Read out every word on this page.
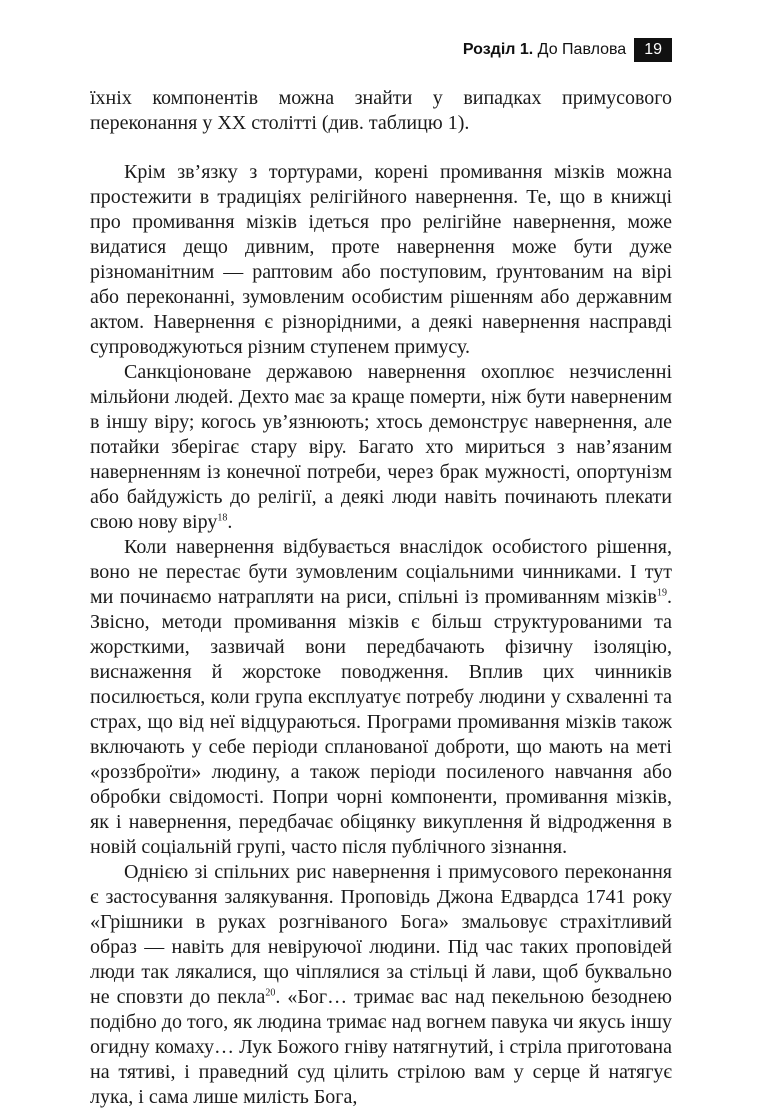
Розділ 1. До Павлова	19

їхніх компонентів можна знайти у випадках примусового переконання у ХХ столітті (див. таблицю 1).

Крім зв’язку з тортурами, корені промивання мізків можна простежити в традиціях релігійного навернення. Те, що в книжці про промивання мізків ідеться про релігійне навернення, може видатися дещо дивним, проте навернення може бути дуже різноманітним — раптовим або поступовим, ґрунтованим на вірі або переконанні, зумовленим особистим рішенням або державним актом. Навернення є різнорідними, а деякі навернення насправді супроводжуються різним ступенем примусу.

Санкціоноване державою навернення охоплює незчисленні мільйони людей. Дехто має за краще померти, ніж бути наверненим в іншу віру; когось ув’язнюють; хтось демонструє навернення, але потайки зберігає стару віру. Багато хто мириться з нав’язаним наверненням із конечної потреби, через брак мужності, опортунізм або байдужість до релігії, а деякі люди навіть починають плекати свою нову віру$^{18}$.

Коли навернення відбувається внаслідок особистого рішення, воно не перестає бути зумовленим соціальними чинниками. І тут ми починаємо натрапляти на риси, спільні із промиванням мізків$^{19}$. Звісно, методи промивання мізків є більш структурованими та жорсткими, зазвичай вони передбачають фізичну ізоляцію, виснаження й жорстоке поводження. Вплив цих чинників посилюється, коли група експлуатує потребу людини у схваленні та страх, що від неї відцураються. Програми промивання мізків також включають у себе періоди спланованої доброти, що мають на меті «роззброїти» людину, а також періоди посиленого навчання або обробки свідомості. Попри чорні компоненти, промивання мізків, як і навернення, передбачає обіцянку викуплення й відродження в новій соціальній групі, часто після публічного зізнання.

Однією зі спільних рис навернення і примусового переконання є застосування залякування. Проповідь Джона Едвардса 1741 року «Грішники в руках розгніваного Бога» змальовує страхітливий образ — навіть для невіруючої людини. Під час таких проповідей люди так лякалися, що чіплялися за стільці й лави, щоб буквально не сповзти до пекла$^{20}$. «Бог… тримає вас над пекельною безоднею подібно до того, як людина тримає над вогнем павука чи якусь іншу огидну комаху… Лук Божого гніву натягнутий, і стріла приготована на тятиві, і праведний суд цілить стрілою вам у серце й натягує лука, і сама лише милість Бога,
